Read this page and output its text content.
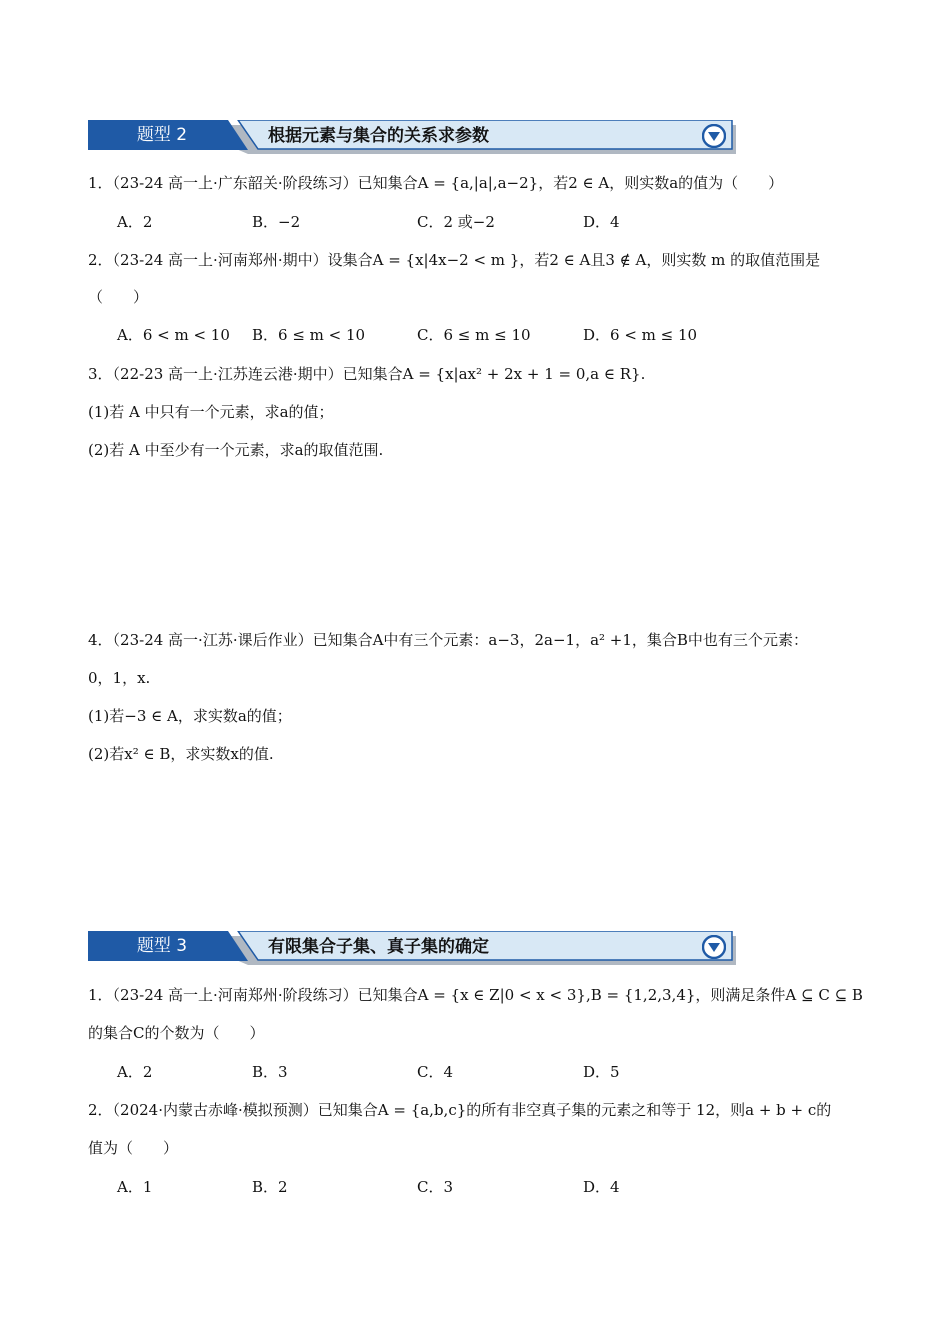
题型 2	根据元素与集合的关系求参数
1．（23-24 高一上·广东韶关·阶段练习）已知集合A = {a,|a|,a−2}，若2 ∈ A，则实数a的值为（　　）
A．2	B．−2	C．2 或−2	D．4
2．（23-24 高一上·河南郑州·期中）设集合A = {x|4x−2 < m }，若2 ∈ A且3 ∉ A，则实数 m 的取值范围是
（　　）
A．6 < m < 10 B．6 ≤ m < 10	C．6 ≤ m ≤ 10	D．6 < m ≤ 10
3．（22-23 高一上·江苏连云港·期中）已知集合A = {x|ax² + 2x + 1 = 0,a ∈ R}.
(1)若 A 中只有一个元素，求a的值；
(2)若 A 中至少有一个元素，求a的取值范围.
4．（23-24 高一·江苏·课后作业）已知集合A中有三个元素：a−3，2a−1，a² +1，集合B中也有三个元素：
0，1，x.
(1)若−3 ∈ A，求实数a的值；
(2)若x² ∈ B，求实数x的值.
题型 3	有限集合子集、真子集的确定
1．（23-24 高一上·河南郑州·阶段练习）已知集合A = {x ∈ Z|0 < x < 3},B = {1,2,3,4}，则满足条件A ⊆ C ⊆ B
的集合C的个数为（　　）
A．2	B．3	C．4	D．5
2．（2024·内蒙古赤峰·模拟预测）已知集合A = {a,b,c}的所有非空真子集的元素之和等于 12，则a + b + c的
值为（　　）
A．1	B．2	C．3	D．4
